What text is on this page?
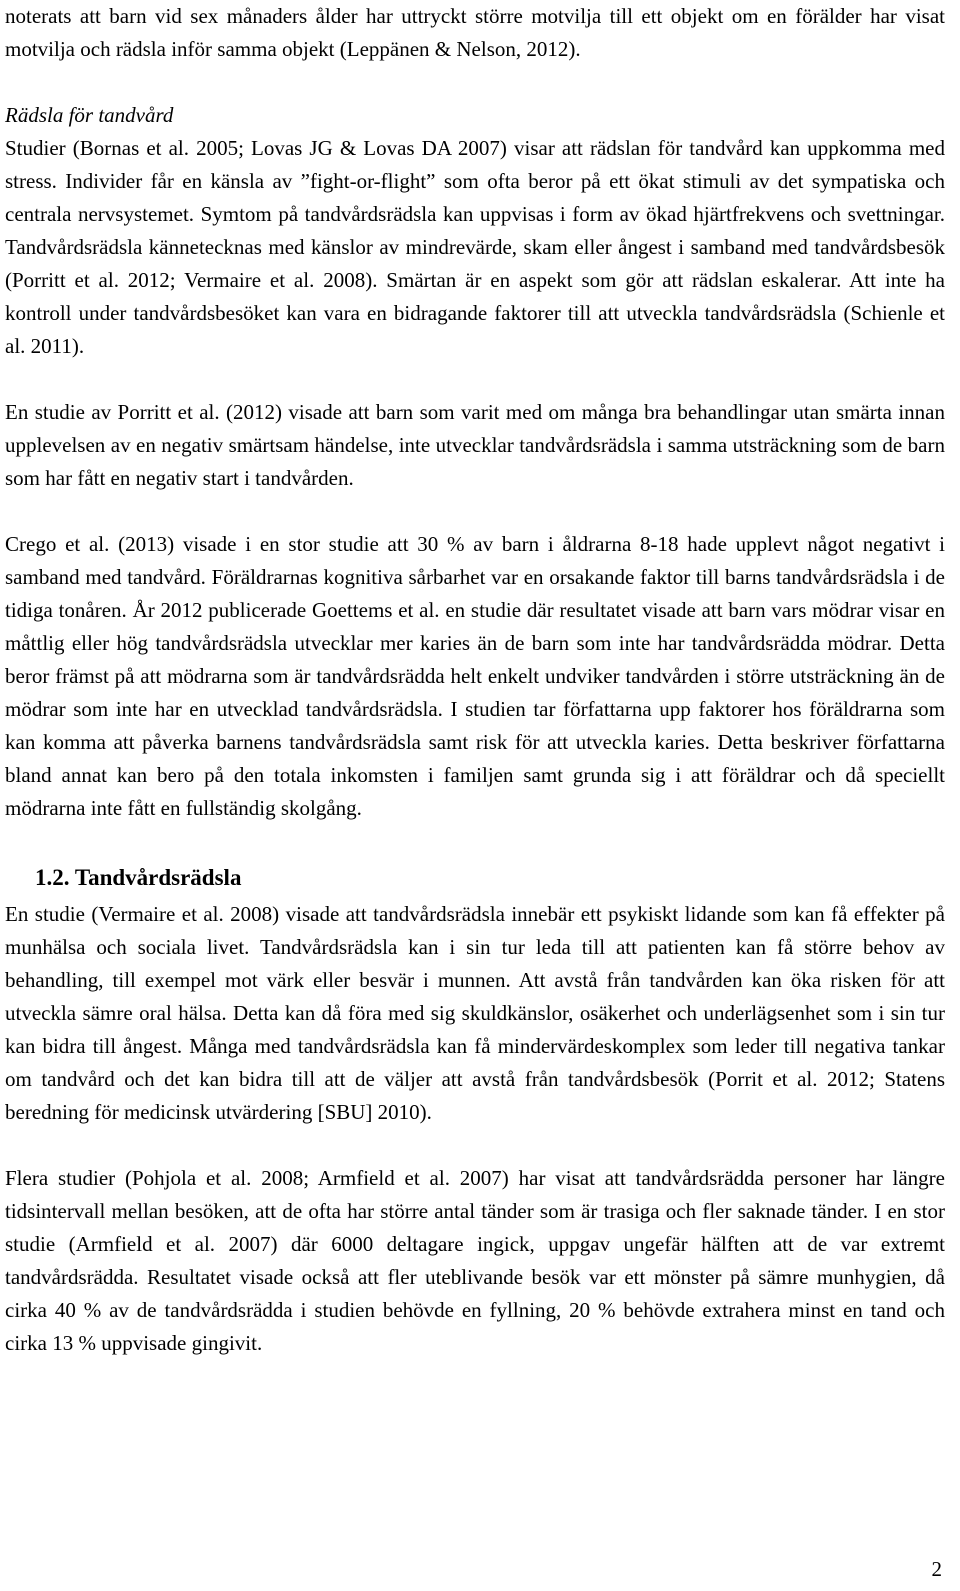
noterats att barn vid sex månaders ålder har uttryckt större motvilja till ett objekt om en förälder har visat motvilja och rädsla inför samma objekt (Leppänen & Nelson, 2012).

Rädsla för tandvård

Studier (Bornas et al. 2005; Lovas JG & Lovas DA 2007) visar att rädslan för tandvård kan uppkomma med stress. Individer får en känsla av ”fight-or-flight” som ofta beror på ett ökat stimuli av det sympatiska och centrala nervsystemet. Symtom på tandvårdsrädsla kan uppvisas i form av ökad hjärtfrekvens och svettningar. Tandvårdsrädsla kännetecknas med känslor av mindrevärde, skam eller ångest i samband med tandvårdsbesök (Porritt et al. 2012; Vermaire et al. 2008). Smärtan är en aspekt som gör att rädslan eskalerar. Att inte ha kontroll under tandvårdsbesöket kan vara en bidragande faktorer till att utveckla tandvårdsrädsla (Schienle et al. 2011).

En studie av Porritt et al. (2012) visade att barn som varit med om många bra behandlingar utan smärta innan upplevelsen av en negativ smärtsam händelse, inte utvecklar tandvårdsrädsla i samma utsträckning som de barn som har fått en negativ start i tandvården.

Crego et al. (2013) visade i en stor studie att 30 % av barn i åldrarna 8-18 hade upplevt något negativt i samband med tandvård. Föräldrarnas kognitiva sårbarhet var en orsakande faktor till barns tandvårdsrädsla i de tidiga tonåren. År 2012 publicerade Goettems et al. en studie där resultatet visade att barn vars mödrar visar en måttlig eller hög tandvårdsrädsla utvecklar mer karies än de barn som inte har tandvårdsrädda mödrar. Detta beror främst på att mödrarna som är tandvårdsrädda helt enkelt undviker tandvården i större utsträckning än de mödrar som inte har en utvecklad tandvårdsrädsla. I studien tar författarna upp faktorer hos föräldrarna som kan komma att påverka barnens tandvårdsrädsla samt risk för att utveckla karies. Detta beskriver författarna bland annat kan bero på den totala inkomsten i familjen samt grunda sig i att föräldrar och då speciellt mödrarna inte fått en fullständig skolgång.

1.2. Tandvårdsrädsla

En studie (Vermaire et al. 2008) visade att tandvårdsrädsla innebär ett psykiskt lidande som kan få effekter på munhälsa och sociala livet. Tandvårdsrädsla kan i sin tur leda till att patienten kan få större behov av behandling, till exempel mot värk eller besvär i munnen. Att avstå från tandvården kan öka risken för att utveckla sämre oral hälsa. Detta kan då föra med sig skuldkänslor, osäkerhet och underlägsenhet som i sin tur kan bidra till ångest. Många med tandvårdsrädsla kan få mindervärdeskomplex som leder till negativa tankar om tandvård och det kan bidra till att de väljer att avstå från tandvårdsbesök (Porrit et al. 2012; Statens beredning för medicinsk utvärdering [SBU] 2010).

Flera studier (Pohjola et al. 2008; Armfield et al. 2007) har visat att tandvårdsrädda personer har längre tidsintervall mellan besöken, att de ofta har större antal tänder som är trasiga och fler saknade tänder. I en stor studie (Armfield et al. 2007) där 6000 deltagare ingick, uppgav ungefär hälften att de var extremt tandvårdsrädda. Resultatet visade också att fler uteblivande besök var ett mönster på sämre munhygien, då cirka 40 % av de tandvårdsrädda i studien behövde en fyllning, 20 % behövde extrahera minst en tand och cirka 13 % uppvisade gingivit.

2
